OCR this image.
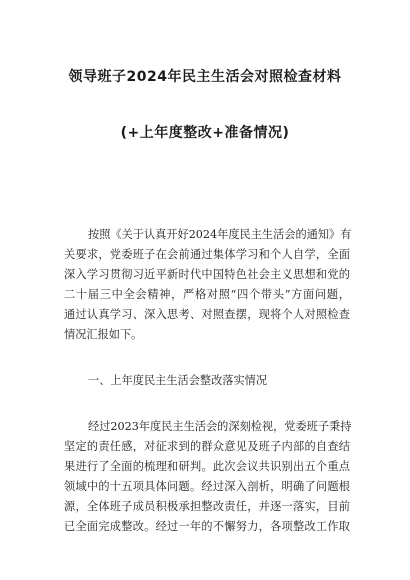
领导班子2024年民主生活会对照检查材料
(+上年度整改+准备情况)
按照《关于认真开好2024年度民主生活会的通知》有
关要求，党委班子在会前通过集体学习和个人自学，全面
深入学习贯彻习近平新时代中国特色社会主义思想和党的
二十届三中全会精神，严格对照“四个带头”方面问题，
通过认真学习、深入思考、对照查摆，现将个人对照检查
情况汇报如下。
一、上年度民主生活会整改落实情况
经过2023年度民主生活会的深刻检视，党委班子秉持
坚定的责任感，对征求到的群众意见及班子内部的自查结
果进行了全面的梳理和研判。此次会议共识别出五个重点
领域中的十五项具体问题。经过深入剖析，明确了问题根
源，全体班子成员积极承担整改责任，并逐一落实，目前
已全面完成整改。经过一年的不懈努力，各项整改工作取
